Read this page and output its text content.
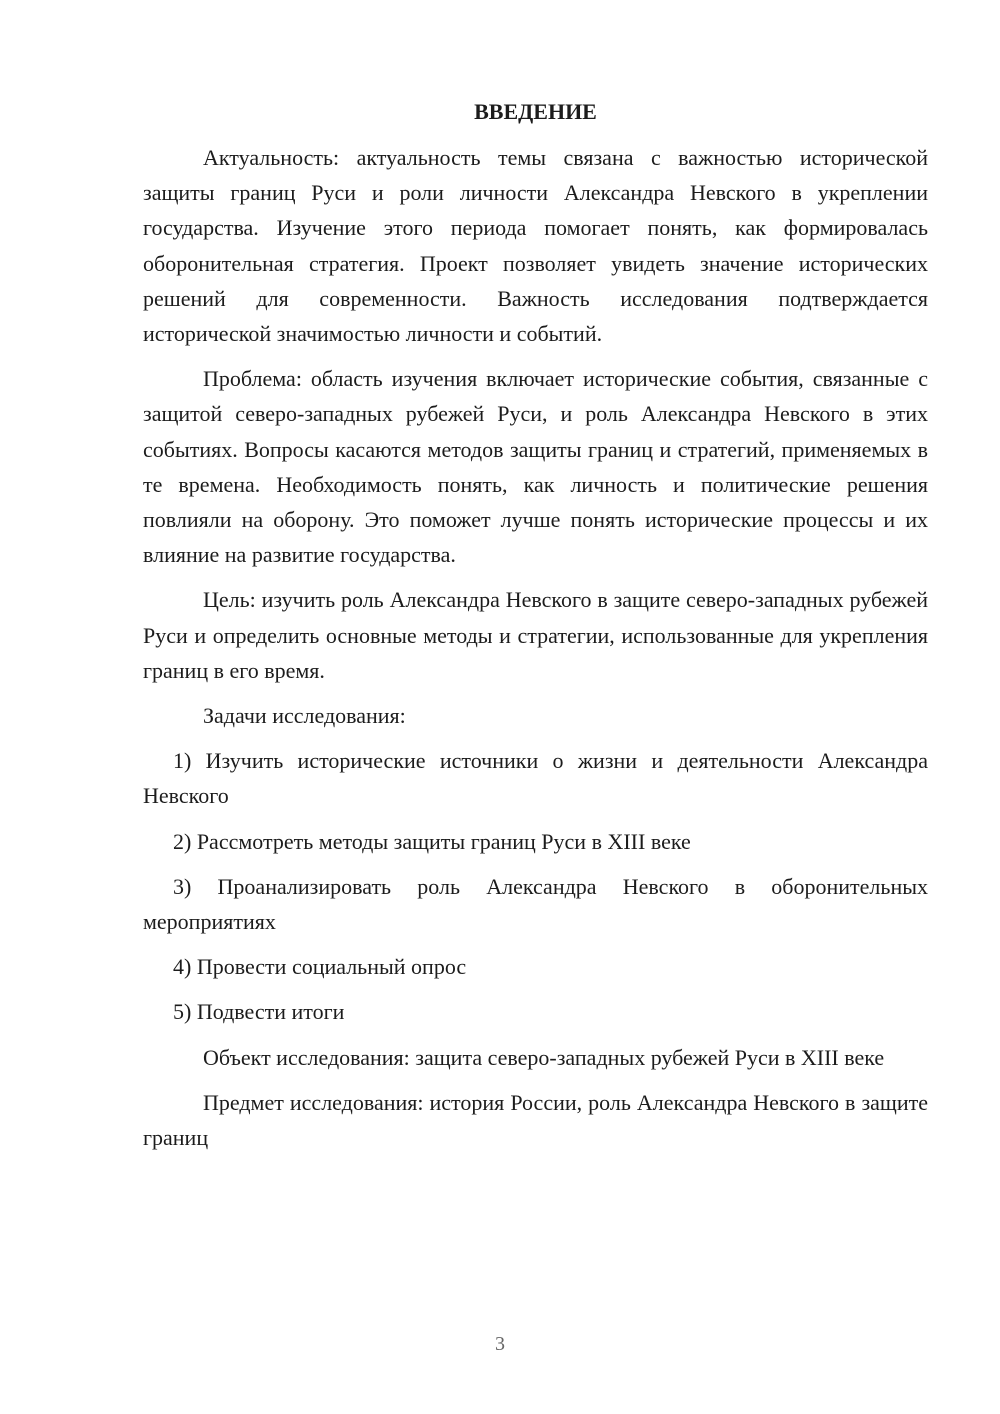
ВВЕДЕНИЕ

Актуальность: актуальность темы связана с важностью исторической защиты границ Руси и роли личности Александра Невского в укреплении государства. Изучение этого периода помогает понять, как формировалась оборонительная стратегия. Проект позволяет увидеть значение исторических решений для современности. Важность исследования подтверждается исторической значимостью личности и событий.

Проблема: область изучения включает исторические события, связанные с защитой северо-западных рубежей Руси, и роль Александра Невского в этих событиях. Вопросы касаются методов защиты границ и стратегий, применяемых в те времена. Необходимость понять, как личность и политические решения повлияли на оборону. Это поможет лучше понять исторические процессы и их влияние на развитие государства.

Цель: изучить роль Александра Невского в защите северо-западных рубежей Руси и определить основные методы и стратегии, использованные для укрепления границ в его время.

Задачи исследования:

1) Изучить исторические источники о жизни и деятельности Александра Невского

2) Рассмотреть методы защиты границ Руси в XIII веке

3) Проанализировать роль Александра Невского в оборонительных мероприятиях

4) Провести социальный опрос

5) Подвести итоги

Объект исследования: защита северо-западных рубежей Руси в XIII веке

Предмет исследования: история России, роль Александра Невского в защите границ

3
